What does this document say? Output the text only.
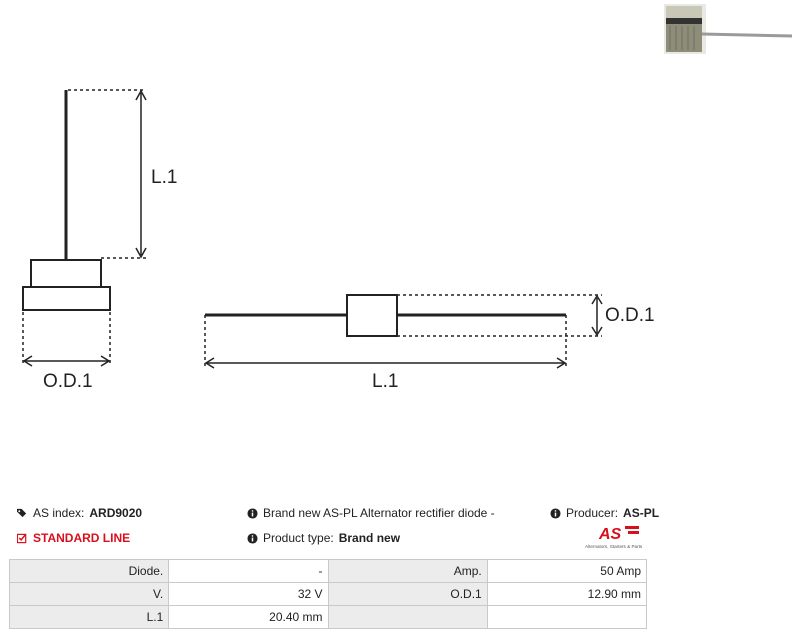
L.1
O.D.1
O.D.1
L.1
AS index: ARD9020
STANDARD LINE
Brand new AS-PL Alternator rectifier diode -
Product type: Brand new
Producer: AS-PL
AS
Alternators, Starters & Parts
Diode.	-	Amp.	50 Amp
V.	32 V	O.D.1	12.90 mm
L.1	20.40 mm		
